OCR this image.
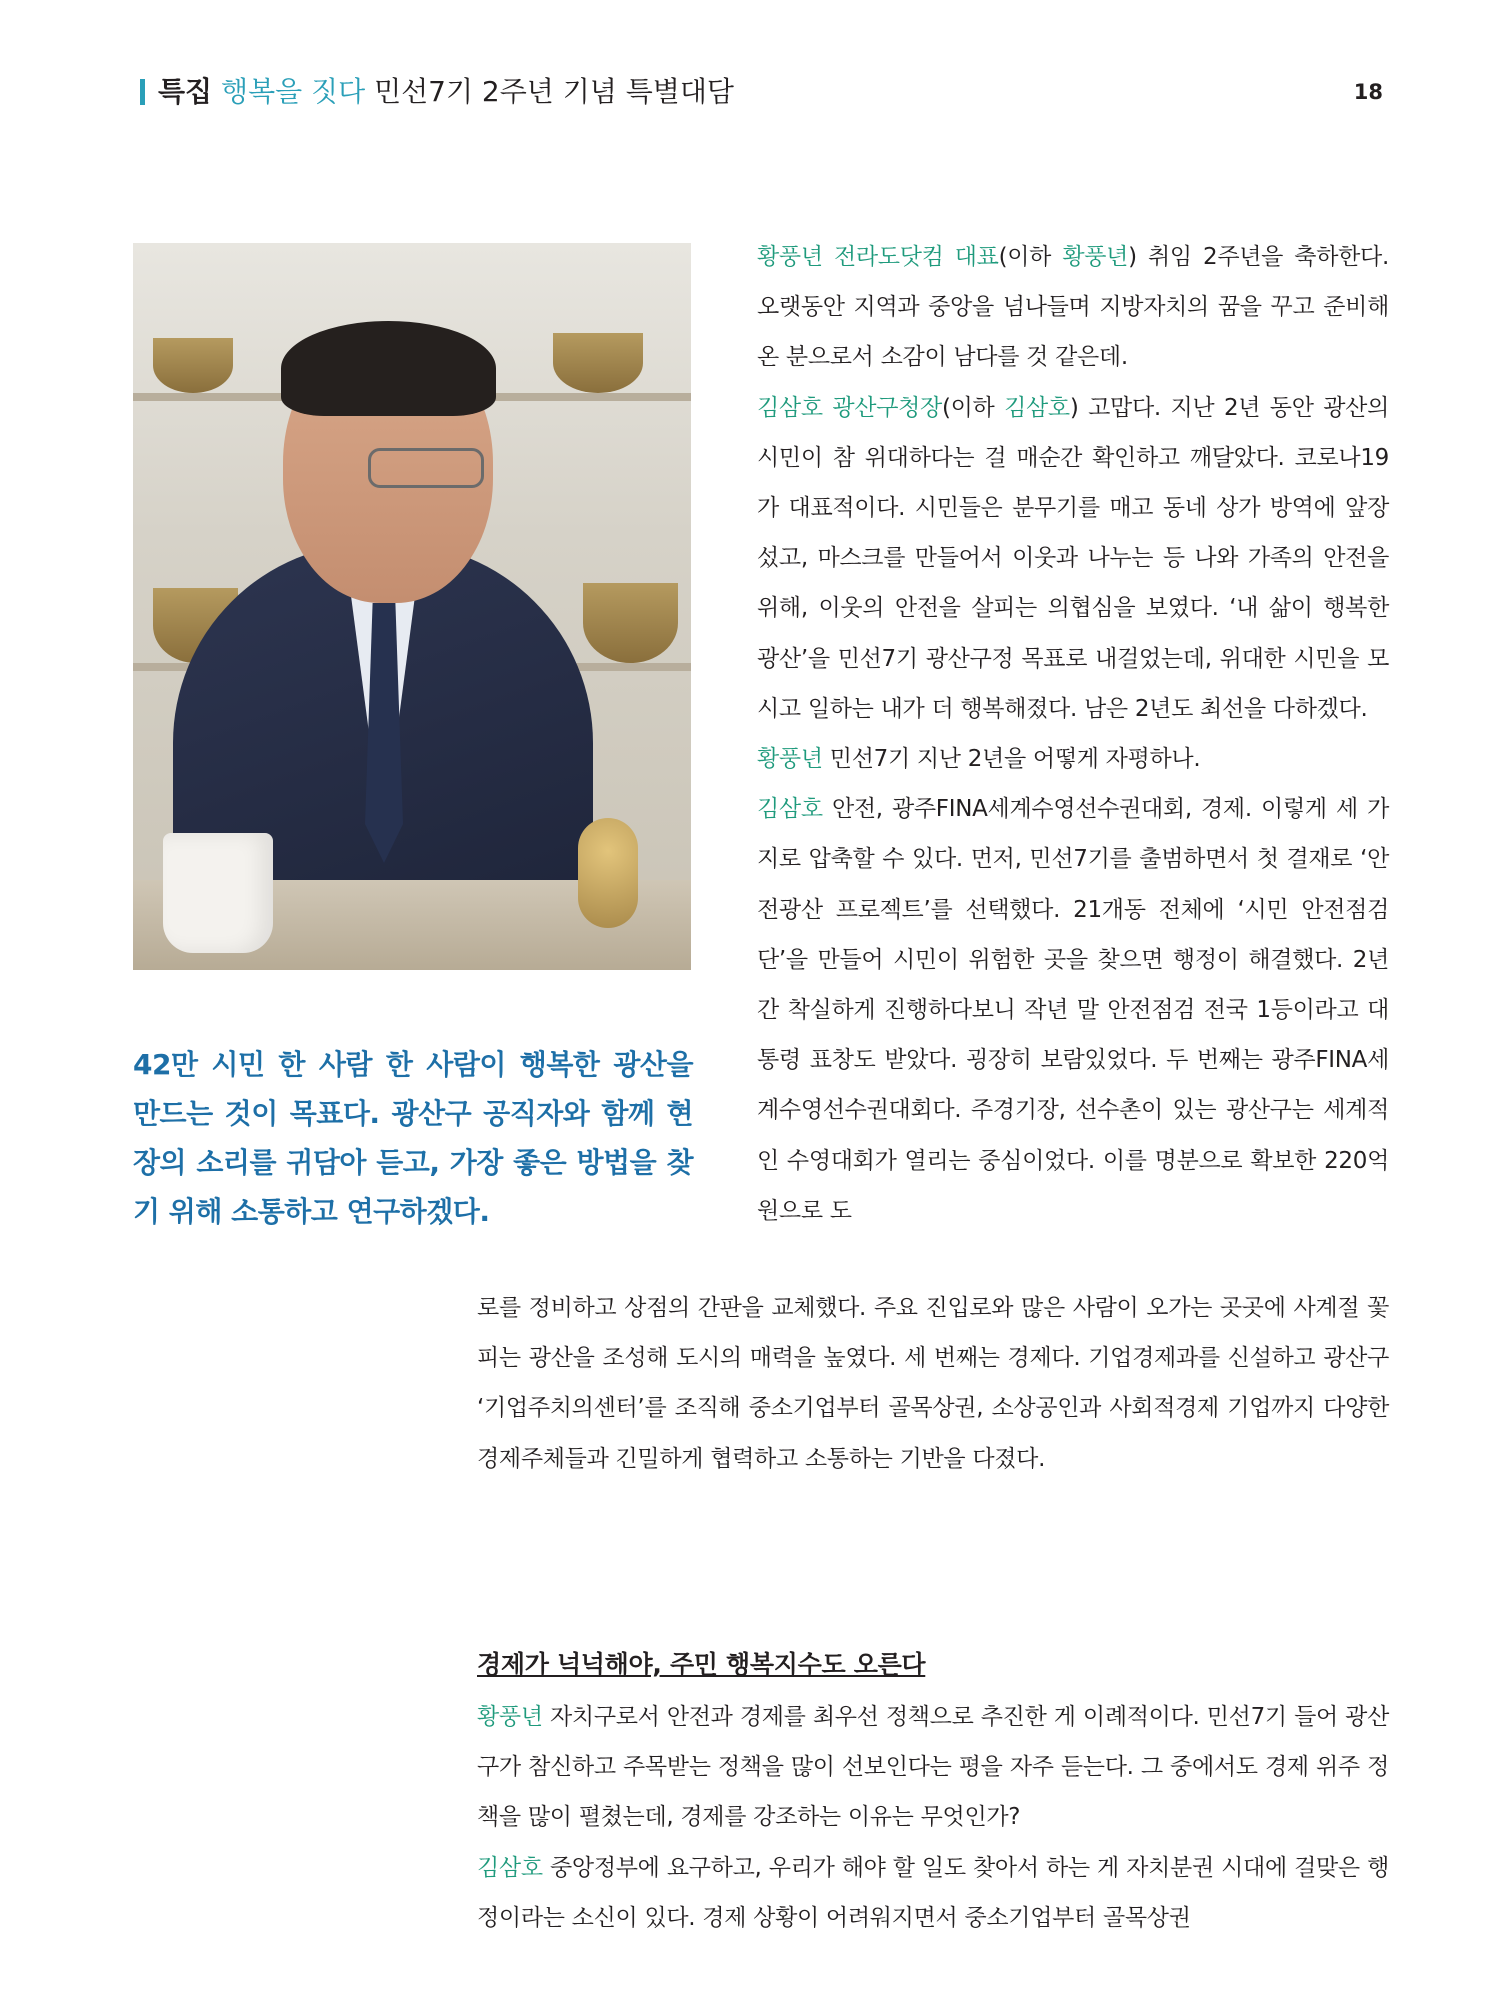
특집 행복을 짓다 민선7기 2주년 기념 특별대담	18
42만 시민 한 사람 한 사람이 행복한 광산을 만드는 것이 목표다. 광산구 공직자와 함께 현장의 소리를 귀담아 듣고, 가장 좋은 방법을 찾기 위해 소통하고 연구하겠다.

황풍년 전라도닷컴 대표(이하 황풍년) 취임 2주년을 축하한다. 오랫동안 지역과 중앙을 넘나들며 지방자치의 꿈을 꾸고 준비해온 분으로서 소감이 남다를 것 같은데.

김삼호 광산구청장(이하 김삼호) 고맙다. 지난 2년 동안 광산의 시민이 참 위대하다는 걸 매순간 확인하고 깨달았다. 코로나19가 대표적이다. 시민들은 분무기를 매고 동네 상가 방역에 앞장섰고, 마스크를 만들어서 이웃과 나누는 등 나와 가족의 안전을 위해, 이웃의 안전을 살피는 의협심을 보였다. ‘내 삶이 행복한 광산’을 민선7기 광산구정 목표로 내걸었는데, 위대한 시민을 모시고 일하는 내가 더 행복해졌다. 남은 2년도 최선을 다하겠다.

황풍년 민선7기 지난 2년을 어떻게 자평하나.

김삼호 안전, 광주FINA세계수영선수권대회, 경제. 이렇게 세 가지로 압축할 수 있다. 먼저, 민선7기를 출범하면서 첫 결재로 ‘안전광산 프로젝트’를 선택했다. 21개동 전체에 ‘시민 안전점검단’을 만들어 시민이 위험한 곳을 찾으면 행정이 해결했다. 2년간 착실하게 진행하다보니 작년 말 안전점검 전국 1등이라고 대통령 표창도 받았다. 굉장히 보람있었다. 두 번째는 광주FINA세계수영선수권대회다. 주경기장, 선수촌이 있는 광산구는 세계적인 수영대회가 열리는 중심이었다. 이를 명분으로 확보한 220억 원으로 도

로를 정비하고 상점의 간판을 교체했다. 주요 진입로와 많은 사람이 오가는 곳곳에 사계절 꽃피는 광산을 조성해 도시의 매력을 높였다. 세 번째는 경제다. 기업경제과를 신설하고 광산구 ‘기업주치의센터’를 조직해 중소기업부터 골목상권, 소상공인과 사회적경제 기업까지 다양한 경제주체들과 긴밀하게 협력하고 소통하는 기반을 다졌다.

경제가 넉넉해야, 주민 행복지수도 오른다

황풍년 자치구로서 안전과 경제를 최우선 정책으로 추진한 게 이례적이다. 민선7기 들어 광산구가 참신하고 주목받는 정책을 많이 선보인다는 평을 자주 듣는다. 그 중에서도 경제 위주 정책을 많이 펼쳤는데, 경제를 강조하는 이유는 무엇인가?

김삼호 중앙정부에 요구하고, 우리가 해야 할 일도 찾아서 하는 게 자치분권 시대에 걸맞은 행정이라는 소신이 있다. 경제 상황이 어려워지면서 중소기업부터 골목상권
